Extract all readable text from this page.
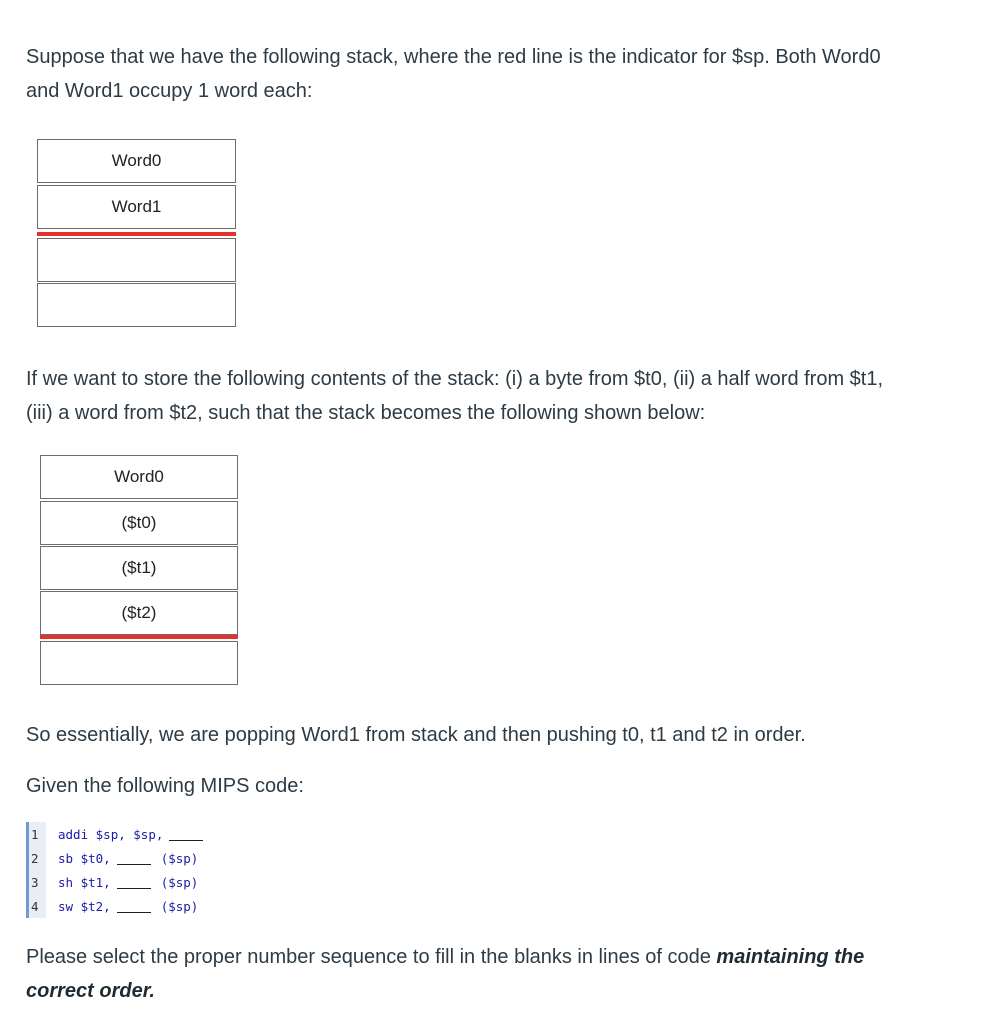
Suppose that we have the following stack, where the red line is the indicator for $sp. Both Word0

and Word1 occupy 1 word each:

Word0
Word1

If we want to store the following contents of the stack: (i) a byte from $t0, (ii) a half word from $t1,

(iii) a word from $t2, such that the stack becomes the following shown below:

Word0
($t0)
($t1)
($t2)

So essentially, we are popping Word1 from stack and then pushing t0, t1 and t2 in order.

Given the following MIPS code:

1	addi
$sp, $sp,
2	sb
$t0,	($sp)
3	sh
$t1,	($sp)
4	sw
$t2,	($sp)

Please select the proper number sequence to fill in the blanks in lines of code maintaining the

correct order.
